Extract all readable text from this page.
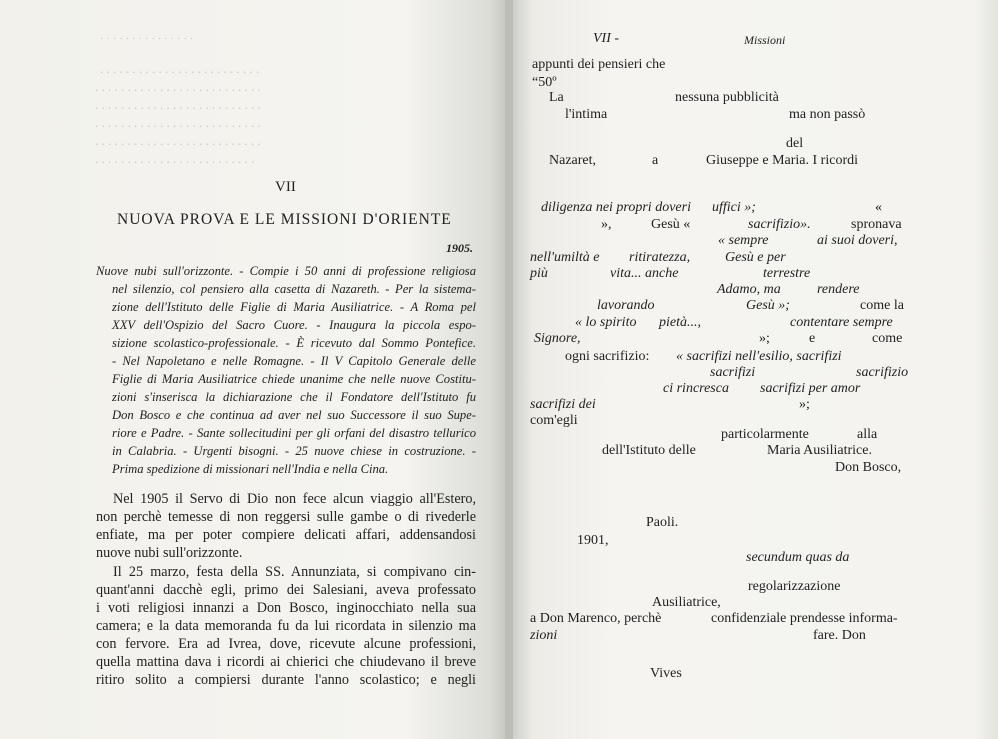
· · · · · · · · · · · · · · ·
. . . . . . . . . . . . . . . . . . . . . . . . .
. . . . . . . . . . . . . . . . . . . . . . . . . .
. . . . . . . . . . . . . . . . . . . . . . . . . .
. . . . . . . . . . . . . . . . . . . . . . . . . .
. . . . . . . . . . . . . . . . . . . . . . . . . .
. . . . . . . . . . . . . . . . . . . . . . . . .
VII
NUOVA PROVA E LE MISSIONI D'ORIENTE
1905.
Nuove nubi sull'orizzonte. - Compie i 50 anni di professione religiosa
nel silenzio, col pensiero alla casetta di Nazareth. - Per la sistema-
zione dell'Istituto delle Figlie di Maria Ausiliatrice. - A Roma pel
XXV dell'Ospizio del Sacro Cuore. - Inaugura la piccola espo-
sizione scolastico-professionale. - È ricevuto dal Sommo Pontefice.
- Nel Napoletano e nelle Romagne. - Il V Capitolo Generale delle
Figlie di Maria Ausiliatrice chiede unanime che nelle nuove Costitu-
zioni s'inserisca la dichiarazione che il Fondatore dell'Istituto fu
Don Bosco e che continua ad aver nel suo Successore il suo Supe-
riore e Padre. - Sante sollecitudini per gli orfani del disastro tellurico
in Calabria. - Urgenti bisogni. - 25 nuove chiese in costruzione. -
Prima spedizione di missionari nell'India e nella Cina.
Nel 1905 il Servo di Dio non fece alcun viaggio all'Estero,
non perchè temesse di non reggersi sulle gambe o di rivederle
enfiate, ma per poter compiere delicati affari, addensandosi
nuove nubi sull'orizzonte.
Il 25 marzo, festa della SS. Annunziata, si compivano cin-
quant'anni dacchè egli, primo dei Salesiani, aveva professato
i voti religiosi innanzi a Don Bosco, inginocchiato nella sua
camera; e la data memoranda fu da lui ricordata in silenzio ma
con fervore. Era ad Ivrea, dove, ricevute alcune professioni,
quella mattina dava i ricordi ai chierici che chiudevano il breve
ritiro solito a compiersi durante l'anno scolastico; e negli
VII -	Missioni
appunti dei pensieri che
“50º
La	nessuna pubblicità
l'intima	ma non passò
del
Nazaret,	a	Giuseppe e Maria. I ricordi
diligenza nei propri doveri uffici »;	«
»,	Gesù «	sacrifizio».	spronava
« sempre	ai suoi doveri,
nell'umiltà e ritiratezza, Gesù e per
più	vita... anche	terrestre
Adamo, ma	rendere
lavorando	Gesù »;	come la
« lo spirito pietà...,	contentare sempre
Signore,	»;	e	come
ogni sacrifizio: « sacrifizi nell'esilio, sacrifizi
sacrifizi	sacrifizio
ci rincresca sacrifizi per amor
sacrifizi dei	»;
com'egli
particolarmente	alla
dell'Istituto delle	Maria Ausiliatrice.
Don Bosco,
Paoli.
1901,
secundum quas da
regolarizzazione
Ausiliatrice,
a Don Marenco, perchè	confidenziale prendesse informa-
zioni	fare. Don
Vives
